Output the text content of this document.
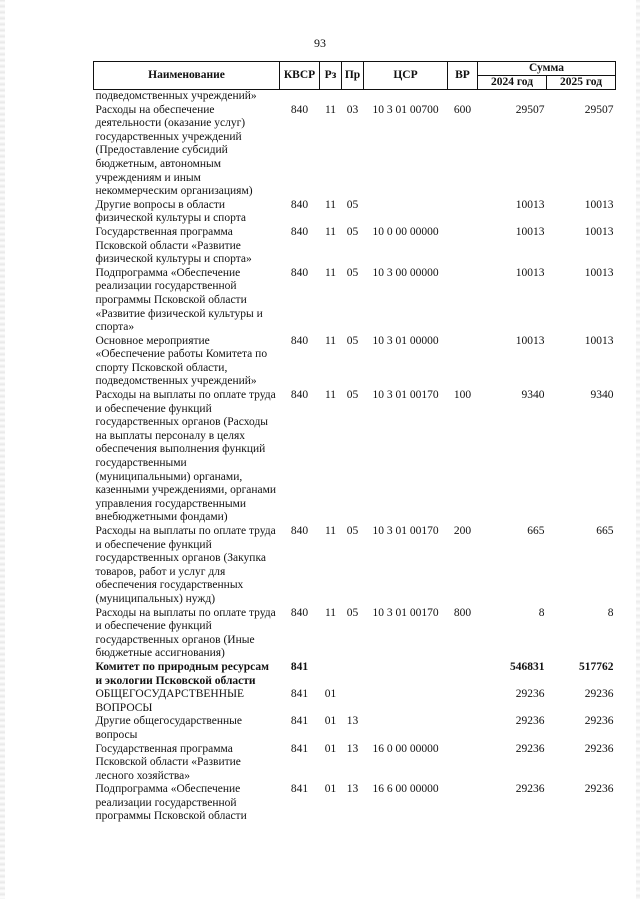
93
Наименование	КВСР	Рз	Пр	ЦСР	ВР	Сумма	
						2024 год	2025 год
подведомственных учреждений»							
Расходы на обеспечение деятельности (оказание услуг) государственных учреждений (Предоставление субсидий бюджетным, автономным учреждениям и иным некоммерческим организациям)	840	11	03	10 3 01 00700	600	29507	29507
Другие вопросы в области физической культуры и спорта	840	11	05			10013	10013
Государственная программа Псковской области «Развитие физической культуры и спорта»	840	11	05	10 0 00 00000		10013	10013
Подпрограмма «Обеспечение реализации государственной программы Псковской области «Развитие физической культуры и спорта»	840	11	05	10 3 00 00000		10013	10013
Основное мероприятие «Обеспечение работы Комитета по спорту Псковской области, подведомственных учреждений»	840	11	05	10 3 01 00000		10013	10013
Расходы на выплаты по оплате труда и обеспечение функций государственных органов (Расходы на выплаты персоналу в целях обеспечения выполнения функций государственными (муниципальными) органами, казенными учреждениями, органами управления государственными внебюджетными фондами)	840	11	05	10 3 01 00170	100	9340	9340
Расходы на выплаты по оплате труда и обеспечение функций государственных органов (Закупка товаров, работ и услуг для обеспечения государственных (муниципальных) нужд)	840	11	05	10 3 01 00170	200	665	665
Расходы на выплаты по оплате труда и обеспечение функций государственных органов (Иные бюджетные ассигнования)	840	11	05	10 3 01 00170	800	8	8
Комитет по природным ресурсам и экологии Псковской области	841					546831	517762
ОБЩЕГОСУДАРСТВЕННЫЕ ВОПРОСЫ	841	01				29236	29236
Другие общегосударственные вопросы	841	01	13			29236	29236
Государственная программа Псковской области «Развитие лесного хозяйства»	841	01	13	16 0 00 00000		29236	29236
Подпрограмма «Обеспечение реализации государственной программы Псковской области	841	01	13	16 6 00 00000		29236	29236
